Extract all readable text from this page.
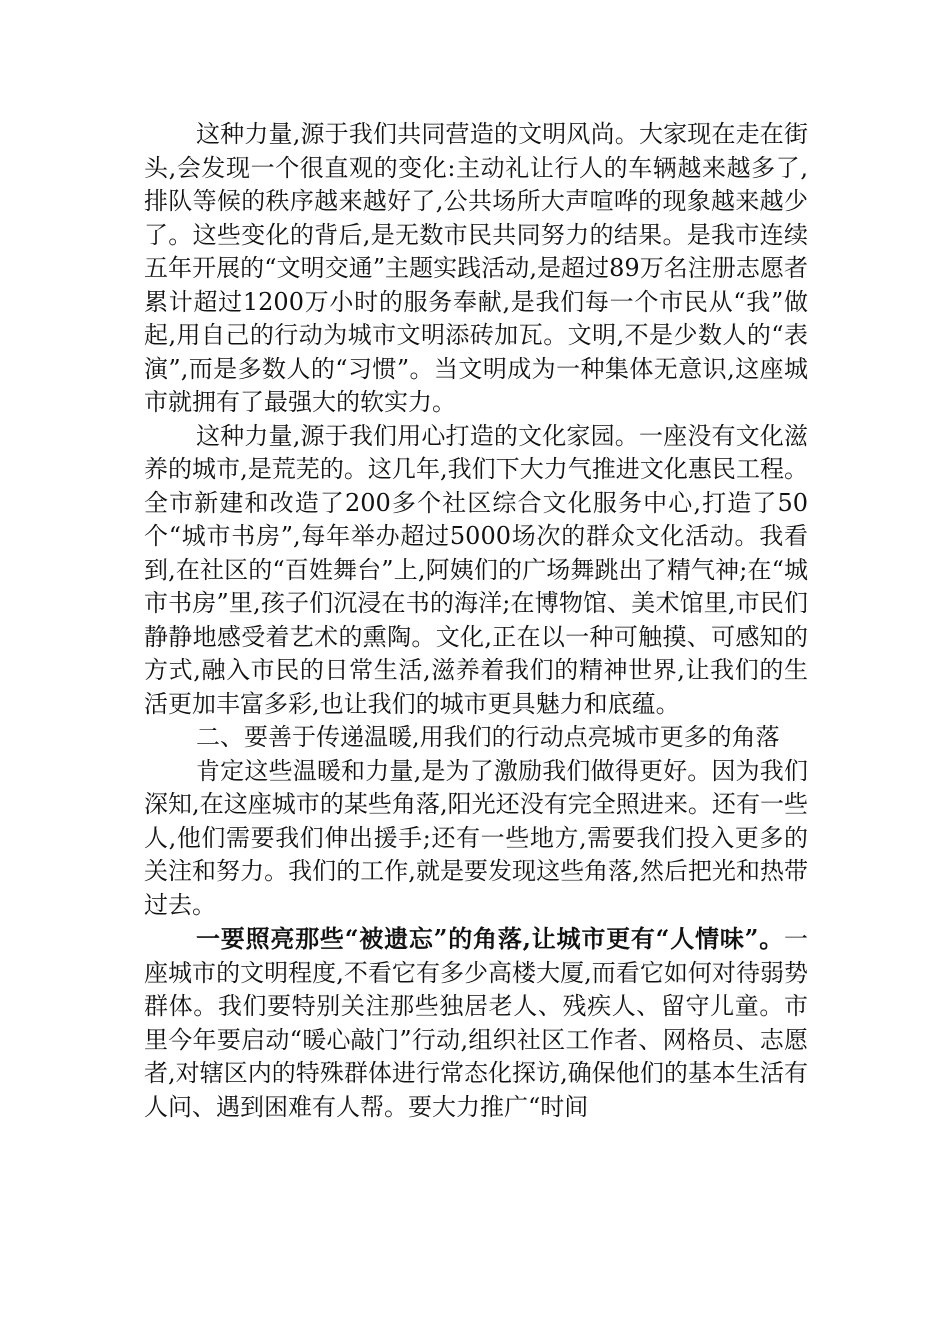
这种力量,源于我们共同营造的文明风尚。大家现在走在街头,会发现一个很直观的变化:主动礼让行人的车辆越来越多了,排队等候的秩序越来越好了,公共场所大声喧哗的现象越来越少了。这些变化的背后,是无数市民共同努力的结果。是我市连续五年开展的“文明交通”主题实践活动,是超过89万名注册志愿者累计超过1200万小时的服务奉献,是我们每一个市民从“我”做起,用自己的行动为城市文明添砖加瓦。文明,不是少数人的“表演”,而是多数人的“习惯”。当文明成为一种集体无意识,这座城市就拥有了最强大的软实力。

这种力量,源于我们用心打造的文化家园。一座没有文化滋养的城市,是荒芜的。这几年,我们下大力气推进文化惠民工程。全市新建和改造了200多个社区综合文化服务中心,打造了50个“城市书房”,每年举办超过5000场次的群众文化活动。我看到,在社区的“百姓舞台”上,阿姨们的广场舞跳出了精气神;在“城市书房”里,孩子们沉浸在书的海洋;在博物馆、美术馆里,市民们静静地感受着艺术的熏陶。文化,正在以一种可触摸、可感知的方式,融入市民的日常生活,滋养着我们的精神世界,让我们的生活更加丰富多彩,也让我们的城市更具魅力和底蕴。

二、要善于传递温暖,用我们的行动点亮城市更多的角落

肯定这些温暖和力量,是为了激励我们做得更好。因为我们深知,在这座城市的某些角落,阳光还没有完全照进来。还有一些人,他们需要我们伸出援手;还有一些地方,需要我们投入更多的关注和努力。我们的工作,就是要发现这些角落,然后把光和热带过去。

一要照亮那些“被遗忘”的角落,让城市更有“人情味”。一座城市的文明程度,不看它有多少高楼大厦,而看它如何对待弱势群体。我们要特别关注那些独居老人、残疾人、留守儿童。市里今年要启动“暖心敲门”行动,组织社区工作者、网格员、志愿者,对辖区内的特殊群体进行常态化探访,确保他们的基本生活有人问、遇到困难有人帮。要大力推广“时间
